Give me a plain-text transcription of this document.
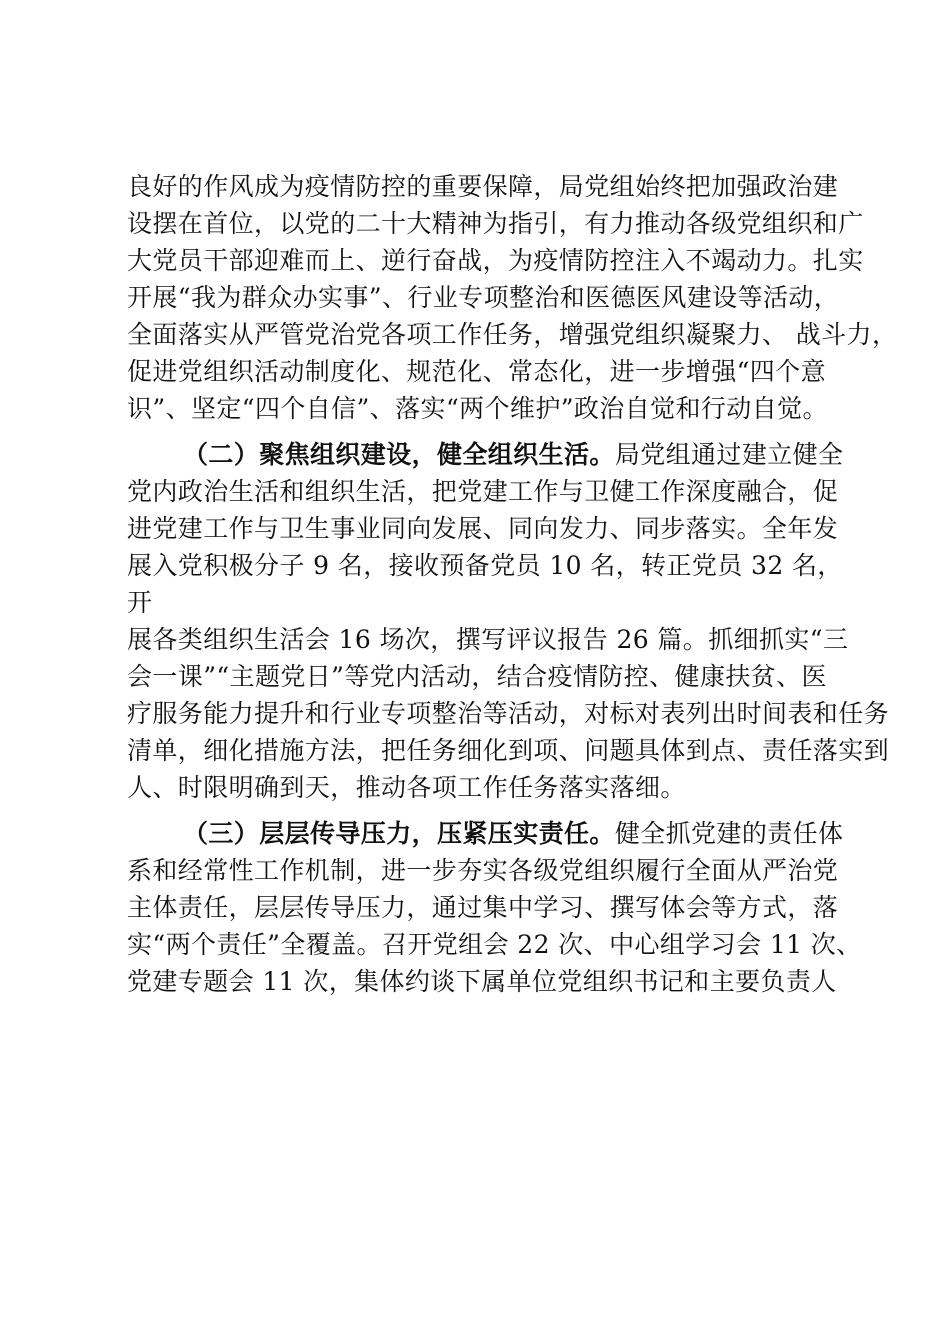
良好的作风成为疫情防控的重要保障，局党组始终把加强政治建
设摆在首位，以党的二十大精神为指引，有力推动各级党组织和广
大党员干部迎难而上、逆行奋战，为疫情防控注入不竭动力。扎实
开展“我为群众办实事”、行业专项整治和医德医风建设等活动，
全面落实从严管党治党各项工作任务，增强党组织凝聚力、 战斗力，
促进党组织活动制度化、规范化、常态化，进一步增强“四个意
识”、坚定“四个自信”、落实“两个维护”政治自觉和行动自觉。
（二）聚焦组织建设，健全组织生活。局党组通过建立健全
党内政治生活和组织生活，把党建工作与卫健工作深度融合，促
进党建工作与卫生事业同向发展、同向发力、同步落实。全年发
展入党积极分子 9 名，接收预备党员 10 名，转正党员 32 名，
开
展各类组织生活会 16 场次，撰写评议报告 26 篇。抓细抓实“三
会一课”“主题党日”等党内活动，结合疫情防控、健康扶贫、医
疗服务能力提升和行业专项整治等活动，对标对表列出时间表和任务
清单，细化措施方法，把任务细化到项、问题具体到点、责任落实到
人、时限明确到天，推动各项工作任务落实落细。
（三）层层传导压力，压紧压实责任。健全抓党建的责任体
系和经常性工作机制，进一步夯实各级党组织履行全面从严治党
主体责任，层层传导压力，通过集中学习、撰写体会等方式，落
实“两个责任”全覆盖。召开党组会 22 次、中心组学习会 11 次、
党建专题会 11 次，集体约谈下属单位党组织书记和主要负责人
